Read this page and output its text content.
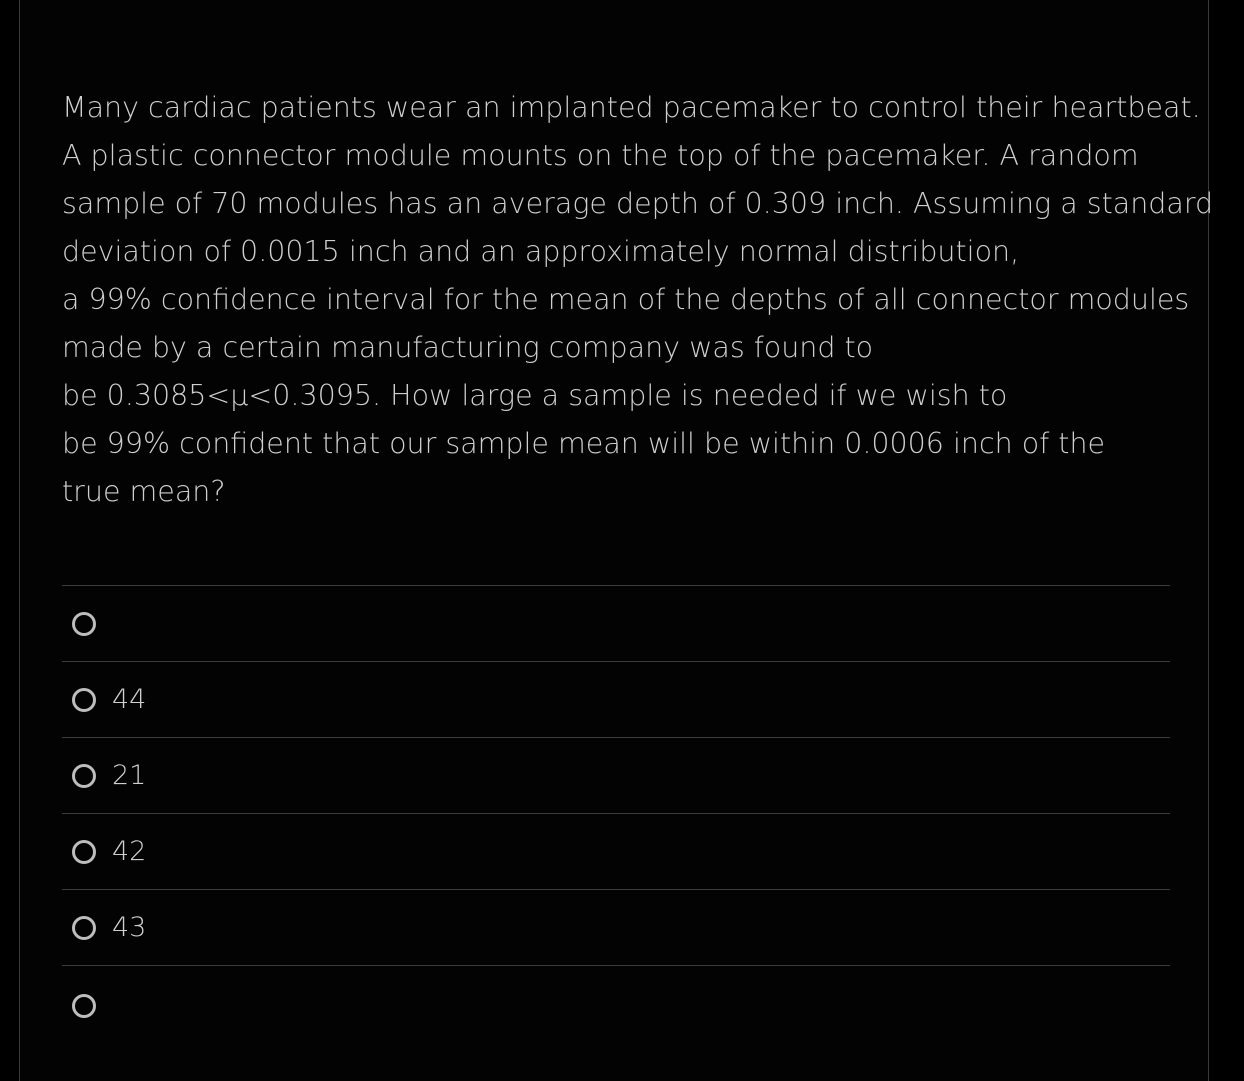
Many cardiac patients wear an implanted pacemaker to control their heartbeat.
A plastic connector module mounts on the top of the pacemaker. A random
sample of 70 modules has an average depth of 0.309 inch. Assuming a standard
deviation of 0.0015 inch and an approximately normal distribution,
a 99% confidence interval for the mean of the depths of all connector modules
made by a certain manufacturing company was found to
be 0.3085<μ<0.3095. How large a sample is needed if we wish to
be 99% confident that our sample mean will be within 0.0006 inch of the
true mean?
44
21
42
43
